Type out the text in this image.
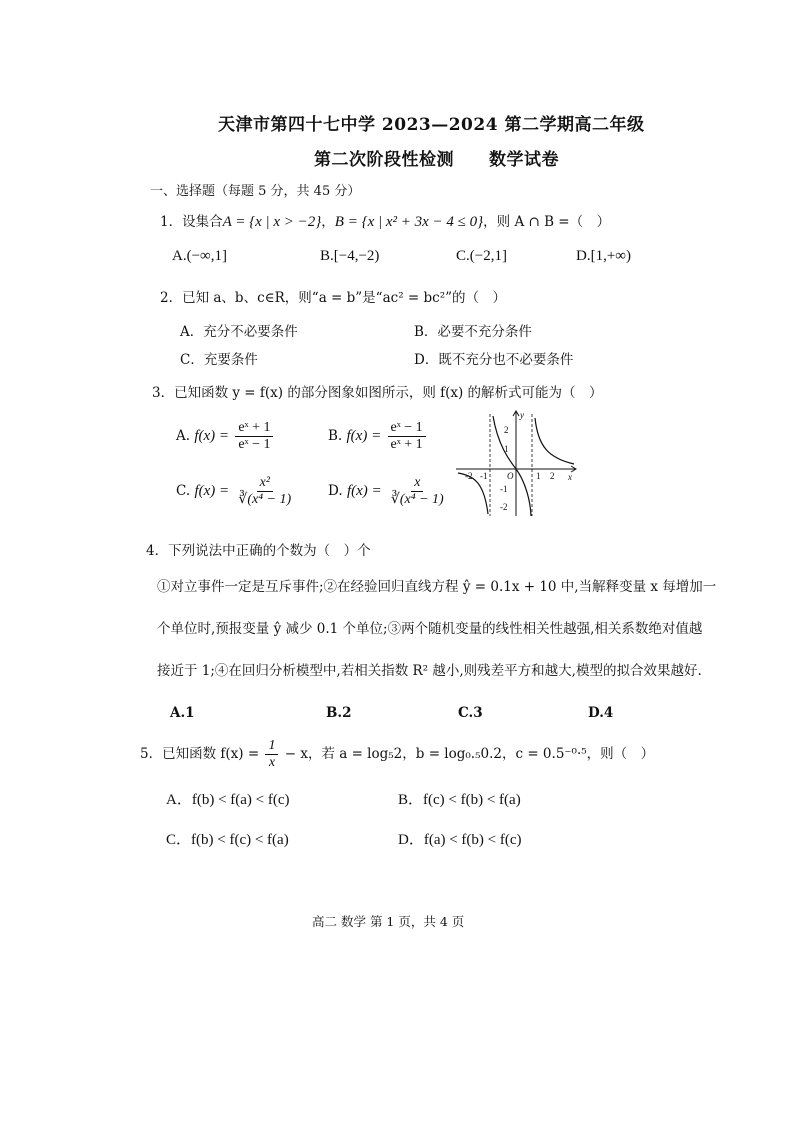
天津市第四十七中学 2023—2024 第二学期高二年级
第二次阶段性检测　　数学试卷
一、选择题（每题 5 分，共 45 分）
1．设集合A = {x | x > −2}，B = {x | x² + 3x − 4 ≤ 0}，则 A ∩ B =（　）
A.(−∞,1]	B.[−4,−2)	C.(−2,1]	D.[1,+∞)
2．已知 a、b、c∈R，则“a = b”是“ac² = bc²”的（　）
A．充分不必要条件	B．必要不充分条件
C．充要条件	D．既不充分也不必要条件
3．已知函数 y = f(x) 的部分图象如图所示，则 f(x) 的解析式可能为（　）
A. $f(x) = \frac{\text{eˣ + 1}}{\text{eˣ − 1}}$	B. $f(x) = \frac{\text{eˣ − 1}}{\text{eˣ + 1}}$
C. $f(x) = \frac{\text{x²}}{\text{∛(x⁴ − 1)}}$	D. $f(x) = \frac{x}{\text{∛(x⁴ − 1)}}$
y
x
O
-2 -1	1 2
2
1
-1
-2
4．下列说法中正确的个数为（　）个
①对立事件一定是互斥事件;②在经验回归直线方程 ŷ = 0.1x + 10 中,当解释变量 x 每增加一
个单位时,预报变量 ŷ 减少 0.1 个单位;③两个随机变量的线性相关性越强,相关系数绝对值越
接近于 1;④在回归分析模型中,若相关指数 R² 越小,则残差平方和越大,模型的拟合效果越好.
A.1	B.2	C.3	D.4
5．已知函数 $f(x) = \frac{1}{x} - x$，若 a = log₅2，b = log₀.₅0.2，c = 0.5⁻⁰·⁵，则（　）
A．f(b) < f(a) < f(c)	B．f(c) < f(b) < f(a)
C．f(b) < f(c) < f(a)	D．f(a) < f(b) < f(c)
高二 数学 第 1 页，共 4 页
